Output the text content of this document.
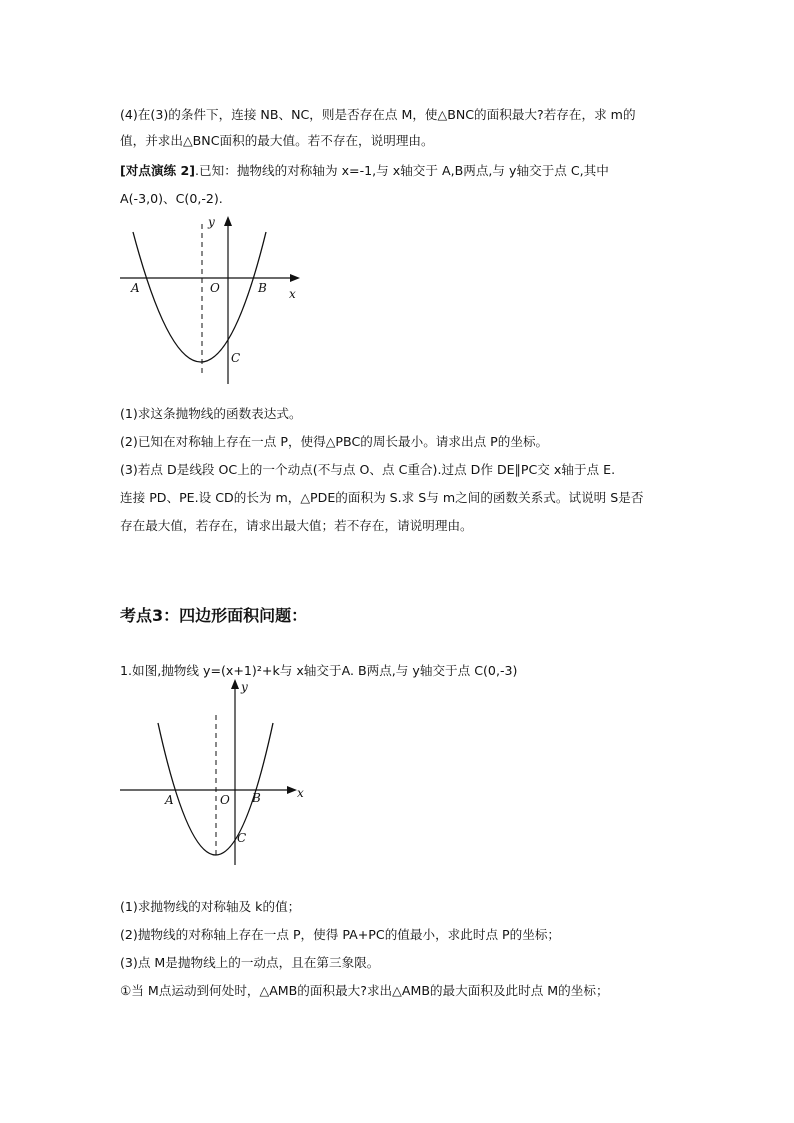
(4)在(3)的条件下，连接 NB、NC，则是否存在点 M，使△BNC的面积最大?若存在，求 m的
值，并求出△BNC面积的最大值。若不存在，说明理由。
[对点演练 2].已知：抛物线的对称轴为 x=-1,与 x轴交于 A,B两点,与 y轴交于点 C,其中
A(-3,0)、C(0,-2).
y
x
O
A	B
C
(1)求这条抛物线的函数表达式。
(2)已知在对称轴上存在一点 P，使得△PBC的周长最小。请求出点 P的坐标。
(3)若点 D是线段 OC上的一个动点(不与点 O、点 C重合).过点 D作 DE∥PC交 x轴于点 E.
连接 PD、PE.设 CD的长为 m，△PDE的面积为 S.求 S与 m之间的函数关系式。试说明 S是否
存在最大值，若存在，请求出最大值；若不存在，请说明理由。
考点3：四边形面积问题：
1.如图,抛物线 y=(x+1)²+k与 x轴交于A. B两点,与 y轴交于点 C(0,-3)
y
x
O
A	B
C
(1)求抛物线的对称轴及 k的值；
(2)抛物线的对称轴上存在一点 P，使得 PA+PC的值最小，求此时点 P的坐标；
(3)点 M是抛物线上的一动点，且在第三象限。
①当 M点运动到何处时，△AMB的面积最大?求出△AMB的最大面积及此时点 M的坐标；
